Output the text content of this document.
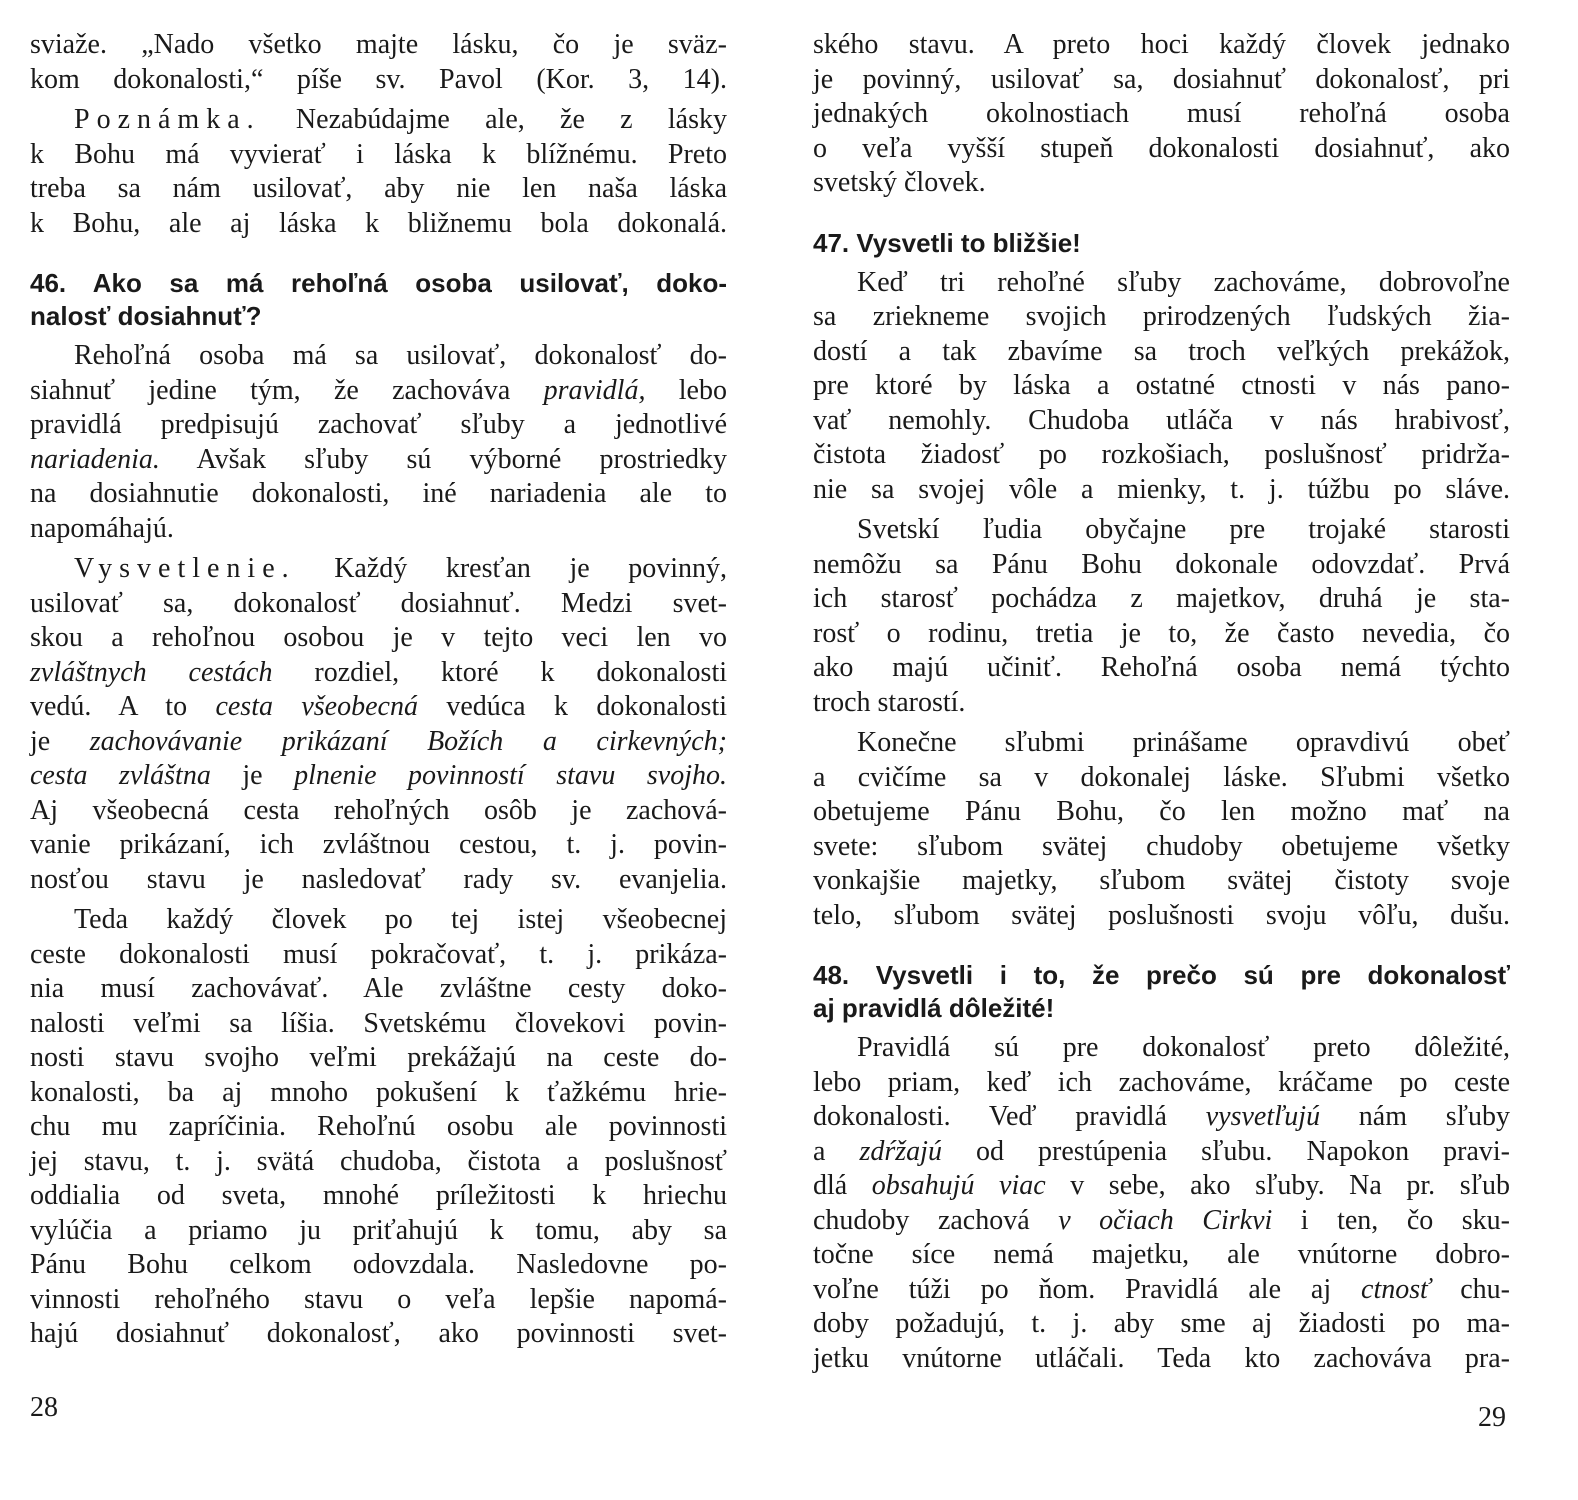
sviaže. „Nado všetko majte lásku, čo je sväz-
kom dokonalosti,“ píše sv. Pavol (Kor. 3, 14).
Poznámka. Nezabúdajme ale, že z lásky
k Bohu má vyvierať i láska k blížnému. Preto
treba sa nám usilovať, aby nie len naša láska
k Bohu, ale aj láska k bližnemu bola dokonalá.
46. Ako sa má rehoľná osoba usilovať, doko-
nalosť dosiahnuť?
Rehoľná osoba má sa usilovať, dokonalosť do-
siahnuť jedine tým, že zachováva pravidlá, lebo
pravidlá predpisujú zachovať sľuby a jednotlivé
nariadenia. Avšak sľuby sú výborné prostriedky
na dosiahnutie dokonalosti, iné nariadenia ale to
napomáhajú.
Vysvetlenie. Každý kresťan je povinný,
usilovať sa, dokonalosť dosiahnuť. Medzi svet-
skou a rehoľnou osobou je v tejto veci len vo
zvláštnych cestách rozdiel, ktoré k dokonalosti
vedú. A to cesta všeobecná vedúca k dokonalosti
je zachovávanie prikázaní Božích a cirkevných;
cesta zvláštna je plnenie povinností stavu svojho.
Aj všeobecná cesta rehoľných osôb je zachová-
vanie prikázaní, ich zvláštnou cestou, t. j. povin-
nosťou stavu je nasledovať rady sv. evanjelia.
Teda každý človek po tej istej všeobecnej
ceste dokonalosti musí pokračovať, t. j. prikáza-
nia musí zachovávať. Ale zvláštne cesty doko-
nalosti veľmi sa líšia. Svetskému človekovi povin-
nosti stavu svojho veľmi prekážajú na ceste do-
konalosti, ba aj mnoho pokušení k ťažkému hrie-
chu mu zapríčinia. Rehoľnú osobu ale povinnosti
jej stavu, t. j. svätá chudoba, čistota a poslušnosť
oddialia od sveta, mnohé príležitosti k hriechu
vylúčia a priamo ju priťahujú k tomu, aby sa
Pánu Bohu celkom odovzdala. Nasledovne po-
vinnosti rehoľného stavu o veľa lepšie napomá-
hajú dosiahnuť dokonalosť, ako povinnosti svet-
ského stavu. A preto hoci každý človek jednako
je povinný, usilovať sa, dosiahnuť dokonalosť, pri
jednakých okolnostiach musí rehoľná osoba
o veľa vyšší stupeň dokonalosti dosiahnuť, ako
svetský človek.
47. Vysvetli to bližšie!
Keď tri rehoľné sľuby zachováme, dobrovoľne
sa zriekneme svojich prirodzených ľudských žia-
dostí a tak zbavíme sa troch veľkých prekážok,
pre ktoré by láska a ostatné ctnosti v nás pano-
vať nemohly. Chudoba utláča v nás hrabivosť,
čistota žiadosť po rozkošiach, poslušnosť pridrža-
nie sa svojej vôle a mienky, t. j. túžbu po sláve.
Svetskí ľudia obyčajne pre trojaké starosti
nemôžu sa Pánu Bohu dokonale odovzdať. Prvá
ich starosť pochádza z majetkov, druhá je sta-
rosť o rodinu, tretia je to, že často nevedia, čo
ako majú učiniť. Rehoľná osoba nemá týchto
troch starostí.
Konečne sľubmi prinášame opravdivú obeť
a cvičíme sa v dokonalej láske. Sľubmi všetko
obetujeme Pánu Bohu, čo len možno mať na
svete: sľubom svätej chudoby obetujeme všetky
vonkajšie majetky, sľubom svätej čistoty svoje
telo, sľubom svätej poslušnosti svoju vôľu, dušu.
48. Vysvetli i to, že prečo sú pre dokonalosť
aj pravidlá dôležité!
Pravidlá sú pre dokonalosť preto dôležité,
lebo priam, keď ich zachováme, kráčame po ceste
dokonalosti. Veď pravidlá vysvetľujú nám sľuby
a zdŕžajú od prestúpenia sľubu. Napokon pravi-
dlá obsahujú viac v sebe, ako sľuby. Na pr. sľub
chudoby zachová v očiach Cirkvi i ten, čo sku-
točne síce nemá majetku, ale vnútorne dobro-
voľne túži po ňom. Pravidlá ale aj ctnosť chu-
doby požadujú, t. j. aby sme aj žiadosti po ma-
jetku vnútorne utláčali. Teda kto zachováva pra-
28	29
